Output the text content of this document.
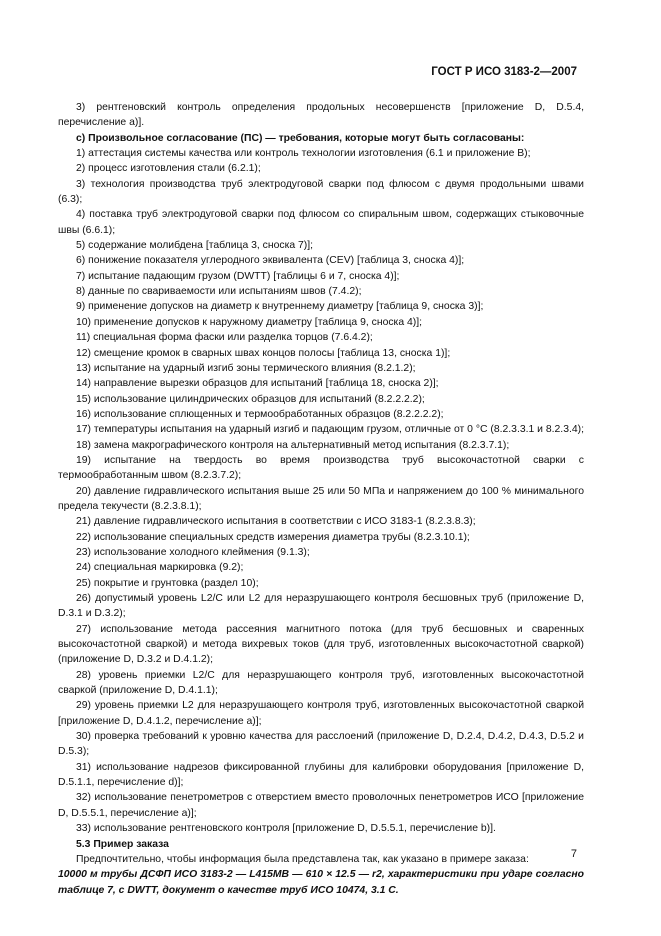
ГОСТ Р ИСО 3183-2—2007

3) рентгеновский контроль определения продольных несовершенств [приложение D, D.5.4, перечисление а)].

c) Произвольное согласование (ПС) — требования, которые могут быть согласованы:

1) аттестация системы качества или контроль технологии изготовления (6.1 и приложение В);

2) процесс изготовления стали (6.2.1);

3) технология производства труб электродуговой сварки под флюсом с двумя продольными швами (6.3);

4) поставка труб электродуговой сварки под флюсом со спиральным швом, содержащих стыковочные швы (6.6.1);

5) содержание молибдена [таблица 3, сноска 7)];

6) понижение показателя углеродного эквивалента (CEV) [таблица 3, сноска 4)];

7) испытание падающим грузом (DWTT) [таблицы 6 и 7, сноска 4)];

8) данные по свариваемости или испытаниям швов (7.4.2);

9) применение допусков на диаметр к внутреннему диаметру [таблица 9, сноска 3)];

10) применение допусков к наружному диаметру [таблица 9, сноска 4)];

11) специальная форма фаски или разделка торцов (7.6.4.2);

12) смещение кромок в сварных швах концов полосы [таблица 13, сноска 1)];

13) испытание на ударный изгиб зоны термического влияния (8.2.1.2);

14) направление вырезки образцов для испытаний [таблица 18, сноска 2)];

15) использование цилиндрических образцов для испытаний (8.2.2.2.2);

16) использование сплющенных и термообработанных образцов (8.2.2.2.2);

17) температуры испытания на ударный изгиб и падающим грузом, отличные от 0 °С (8.2.3.3.1 и 8.2.3.4);

18) замена макрографического контроля на альтернативный метод испытания (8.2.3.7.1);

19) испытание на твердость во время производства труб высокочастотной сварки с термообработанным швом (8.2.3.7.2);

20) давление гидравлического испытания выше 25 или 50 МПа и напряжением до 100 % минимального предела текучести (8.2.3.8.1);

21) давление гидравлического испытания в соответствии с ИСО 3183-1 (8.2.3.8.3);

22) использование специальных средств измерения диаметра трубы (8.2.3.10.1);

23) использование холодного клеймения (9.1.3);

24) специальная маркировка (9.2);

25) покрытие и грунтовка (раздел 10);

26) допустимый уровень L2/C или L2 для неразрушающего контроля бесшовных труб (приложение D, D.3.1 и D.3.2);

27) использование метода рассеяния магнитного потока (для труб бесшовных и сваренных высокочастотной сваркой) и метода вихревых токов (для труб, изготовленных высокочастотной сваркой) (приложение D, D.3.2 и D.4.1.2);

28) уровень приемки L2/C для неразрушающего контроля труб, изготовленных высокочастотной сваркой (приложение D, D.4.1.1);

29) уровень приемки L2 для неразрушающего контроля труб, изготовленных высокочастотной сваркой [приложение D, D.4.1.2, перечисление a)];

30) проверка требований к уровню качества для расслоений (приложение D, D.2.4, D.4.2, D.4.3, D.5.2 и D.5.3);

31) использование надрезов фиксированной глубины для калибровки оборудования [приложение D, D.5.1.1, перечисление d)];

32) использование пенетрометров с отверстием вместо проволочных пенетрометров ИСО [приложение D, D.5.5.1, перечисление а)];

33) использование рентгеновского контроля [приложение D, D.5.5.1, перечисление b)].

5.3 Пример заказа

Предпочтительно, чтобы информация была представлена так, как указано в примере заказа:

10000 м трубы ДСФП ИСО 3183-2 — L415MB — 610 × 12.5 — r2, характеристики при ударе согласно таблице 7, с DWTT, документ о качестве труб ИСО 10474, 3.1 С.

7
